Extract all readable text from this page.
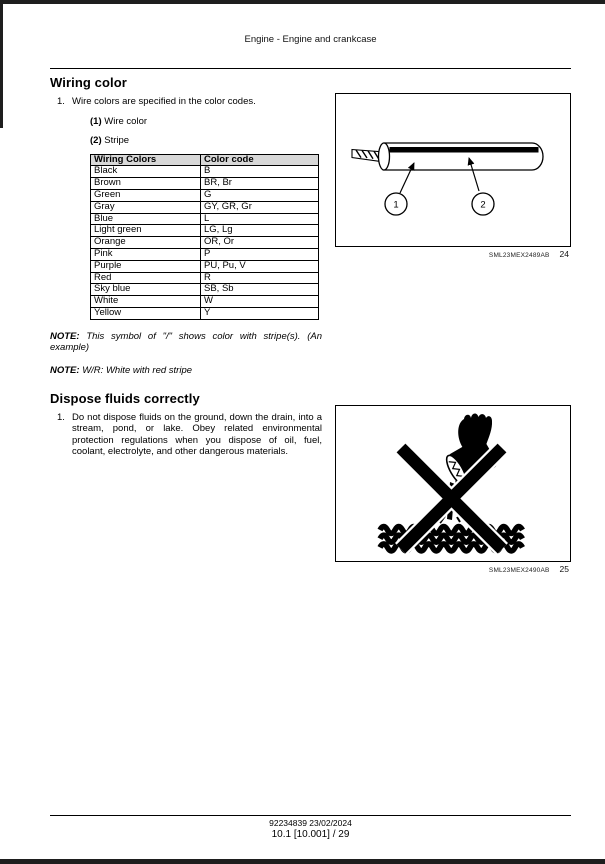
Engine - Engine and crankcase
Wiring color
1. Wire colors are specified in the color codes.
(1) Wire color
(2) Stripe
Wiring Colors	Color code
Black	B
Brown	BR, Br
Green	G
Gray	GY, GR, Gr
Blue	L
Light green	LG, Lg
Orange	OR, Or
Pink	P
Purple	PU, Pu, V
Red	R
Sky blue	SB, Sb
White	W
Yellow	Y
NOTE: This symbol of "/" shows color with stripe(s). (An example)
NOTE: W/R: White with red stripe
Dispose fluids correctly
1. Do not dispose fluids on the ground, down the drain, into a stream, pond, or lake. Obey related environmental protection regulations when you dispose of oil, fuel, coolant, electrolyte, and other dangerous materials.
1	2
SML23MEX2489AB 24
SML23MEX2490AB 25
92234839 23/02/2024
10.1 [10.001] / 29
